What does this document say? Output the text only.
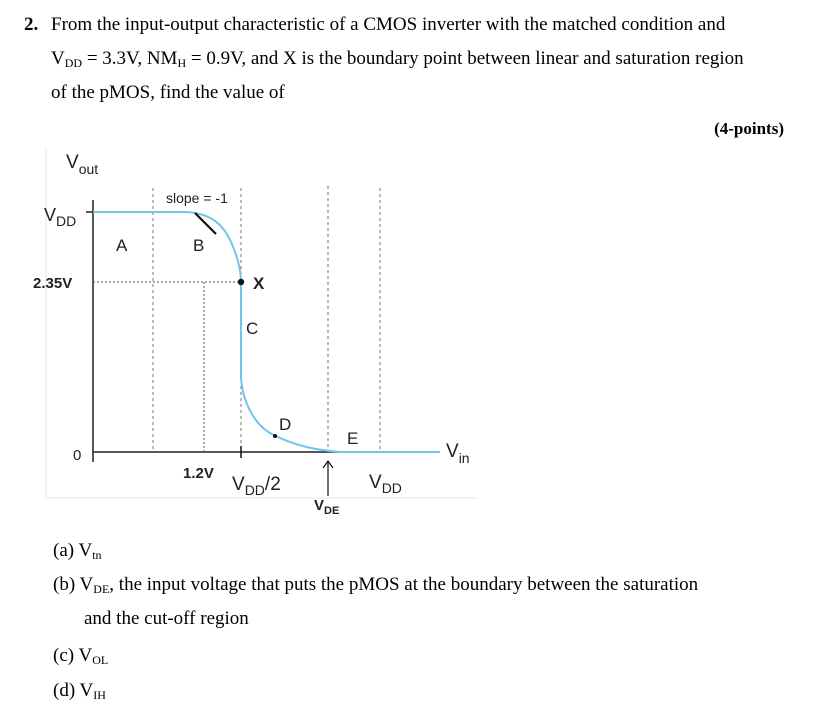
2. From the input-output characteristic of a CMOS inverter with the matched condition and
$V_{DD} = 3.3V$, $NM_H = 0.9V$, and X is the boundary point between linear and saturation region
of the pMOS, find the value of
(4-points)
$V_{out}$
$V_{DD}$
2.35V
0	$V_{in}$
slope = -1
A	B
C
D
E
X
1.2V
$V_{DD}/2$
$V_{DE}$
$V_{DD}$
(a) $V_{tn}$
(b) $V_{DE}$, the input voltage that puts the pMOS at the boundary between the saturation
and the cut-off region
(c) $V_{OL}$
(d) $V_{IH}$
